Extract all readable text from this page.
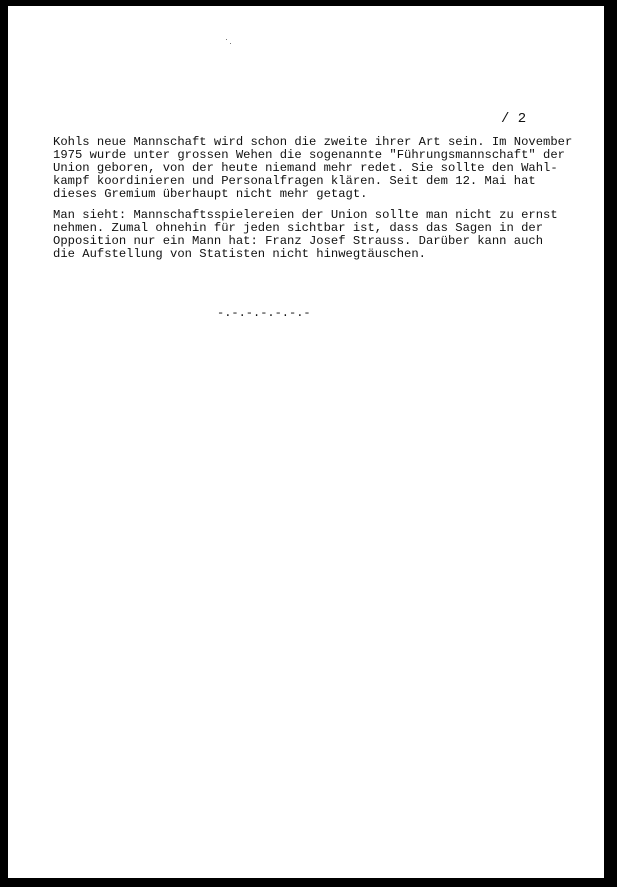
/ 2

Kohls neue Mannschaft wird schon die zweite ihrer Art sein. Im November
1975 wurde unter grossen Wehen die sogenannte "Führungsmannschaft" der
Union geboren, von der heute niemand mehr redet. Sie sollte den Wahl-
kampf koordinieren und Personalfragen klären. Seit dem 12. Mai hat
dieses Gremium überhaupt nicht mehr getagt.

Man sieht: Mannschaftsspielereien der Union sollte man nicht zu ernst
nehmen. Zumal ohnehin für jeden sichtbar ist, dass das Sagen in der
Opposition nur ein Mann hat: Franz Josef Strauss. Darüber kann auch
die Aufstellung von Statisten nicht hinwegtäuschen.

-.-.-.-.-.-.-
